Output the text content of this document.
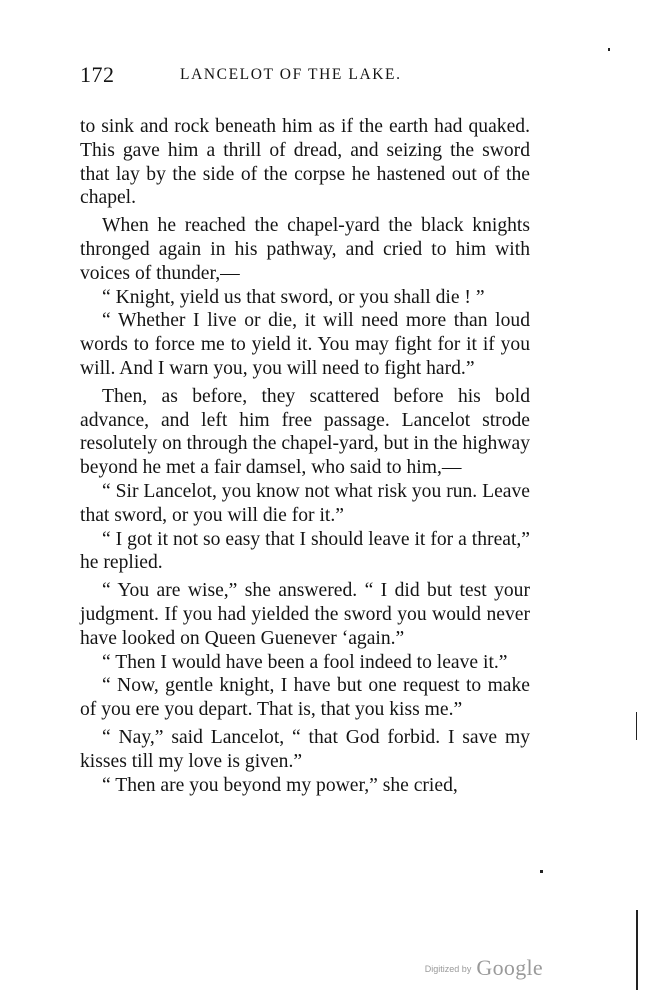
172	LANCELOT OF THE LAKE.

to sink and rock beneath him as if the earth had quaked. This gave him a thrill of dread, and seizing the sword that lay by the side of the corpse he hastened out of the chapel.

When he reached the chapel-yard the black knights thronged again in his pathway, and cried to him with voices of thunder,—

“ Knight, yield us that sword, or you shall die ! ”

“ Whether I live or die, it will need more than loud words to force me to yield it. You may fight for it if you will. And I warn you, you will need to fight hard.”

Then, as before, they scattered before his bold advance, and left him free passage. Lancelot strode resolutely on through the chapel-yard, but in the highway beyond he met a fair damsel, who said to him,—

“ Sir Lancelot, you know not what risk you run. Leave that sword, or you will die for it.”

“ I got it not so easy that I should leave it for a threat,” he replied.

“ You are wise,” she answered. “ I did but test your judgment. If you had yielded the sword you would never have looked on Queen Guenever ‘again.”

“ Then I would have been a fool indeed to leave it.”

“ Now, gentle knight, I have but one request to make of you ere you depart. That is, that you kiss me.”

“ Nay,” said Lancelot, “ that God forbid. I save my kisses till my love is given.”

“ Then are you beyond my power,” she cried,

Digitized by Google
